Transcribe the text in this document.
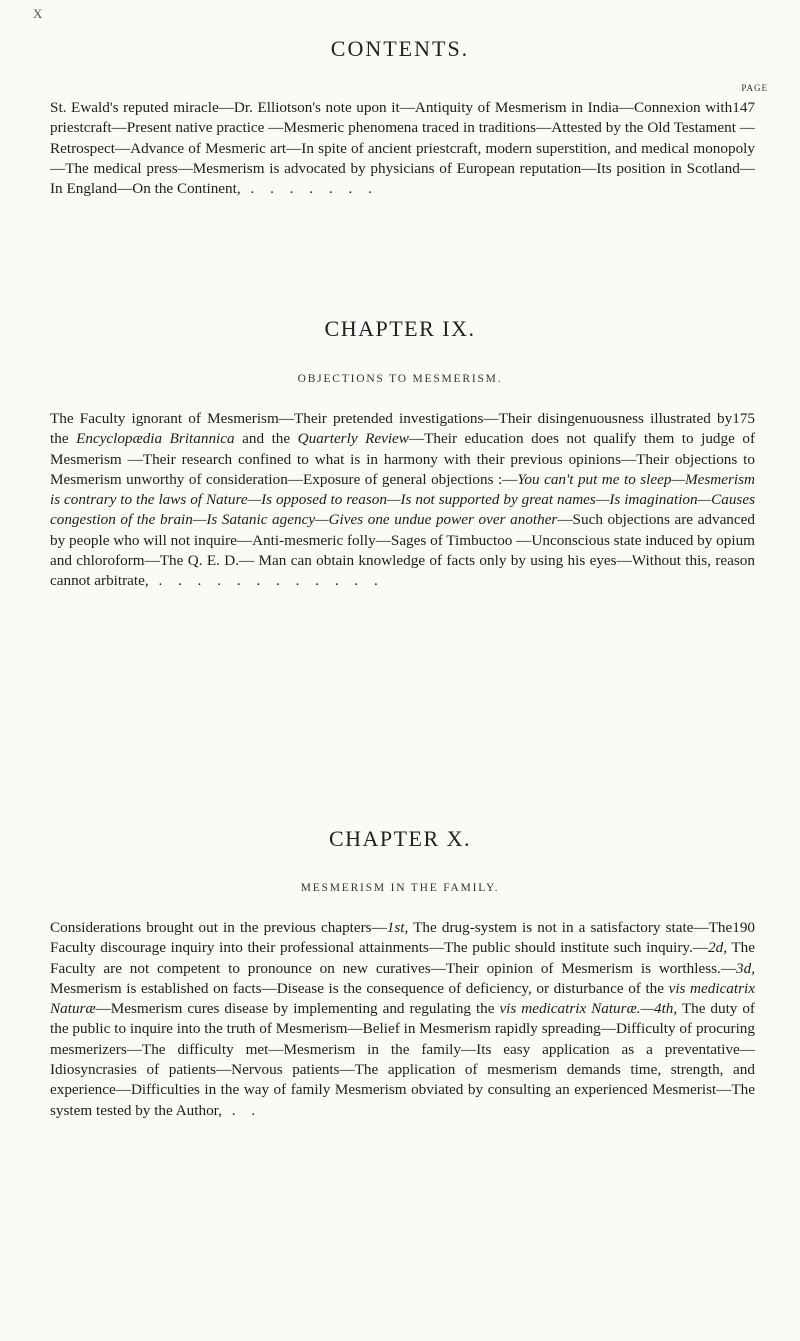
X
CONTENTS.
PAGE
147
St. Ewald's reputed miracle—Dr. Elliotson's note upon it—Antiquity of Mesmerism in India—Connexion with priestcraft—Present native practice —Mesmeric phenomena traced in traditions—Attested by the Old Testament —Retrospect—Advance of Mesmeric art—In spite of ancient priestcraft, modern superstition, and medical monopoly—The medical press—Mesmerism is advocated by physicians of European reputation—Its position in Scotland—In England—On the Continent, . . . . . . .
CHAPTER IX.
OBJECTIONS TO MESMERISM.
175
The Faculty ignorant of Mesmerism—Their pretended investigations—Their disingenuousness illustrated by the Encyclopædia Britannica and the Quarterly Review—Their education does not qualify them to judge of Mesmerism —Their research confined to what is in harmony with their previous opinions—Their objections to Mesmerism unworthy of consideration—Exposure of general objections :—You can't put me to sleep—Mesmerism is contrary to the laws of Nature—Is opposed to reason—Is not supported by great names—Is imagination—Causes congestion of the brain—Is Satanic agency—Gives one undue power over another—Such objections are advanced by people who will not inquire—Anti-mesmeric folly—Sages of Timbuctoo —Unconscious state induced by opium and chloroform—The Q. E. D.— Man can obtain knowledge of facts only by using his eyes—Without this, reason cannot arbitrate, . . . . . . . . . . . .
CHAPTER X.
MESMERISM IN THE FAMILY.
190
Considerations brought out in the previous chapters—1st, The drug-system is not in a satisfactory state—The Faculty discourage inquiry into their professional attainments—The public should institute such inquiry.—2d, The Faculty are not competent to pronounce on new curatives—Their opinion of Mesmerism is worthless.—3d, Mesmerism is established on facts—Disease is the consequence of deficiency, or disturbance of the vis medicatrix Naturæ—Mesmerism cures disease by implementing and regulating the vis medicatrix Naturæ.—4th, The duty of the public to inquire into the truth of Mesmerism—Belief in Mesmerism rapidly spreading—Difficulty of procuring mesmerizers—The difficulty met—Mesmerism in the family—Its easy application as a preventative—Idiosyncrasies of patients—Nervous patients—The application of mesmerism demands time, strength, and experience—Difficulties in the way of family Mesmerism obviated by consulting an experienced Mesmerist—The system tested by the Author, . .
